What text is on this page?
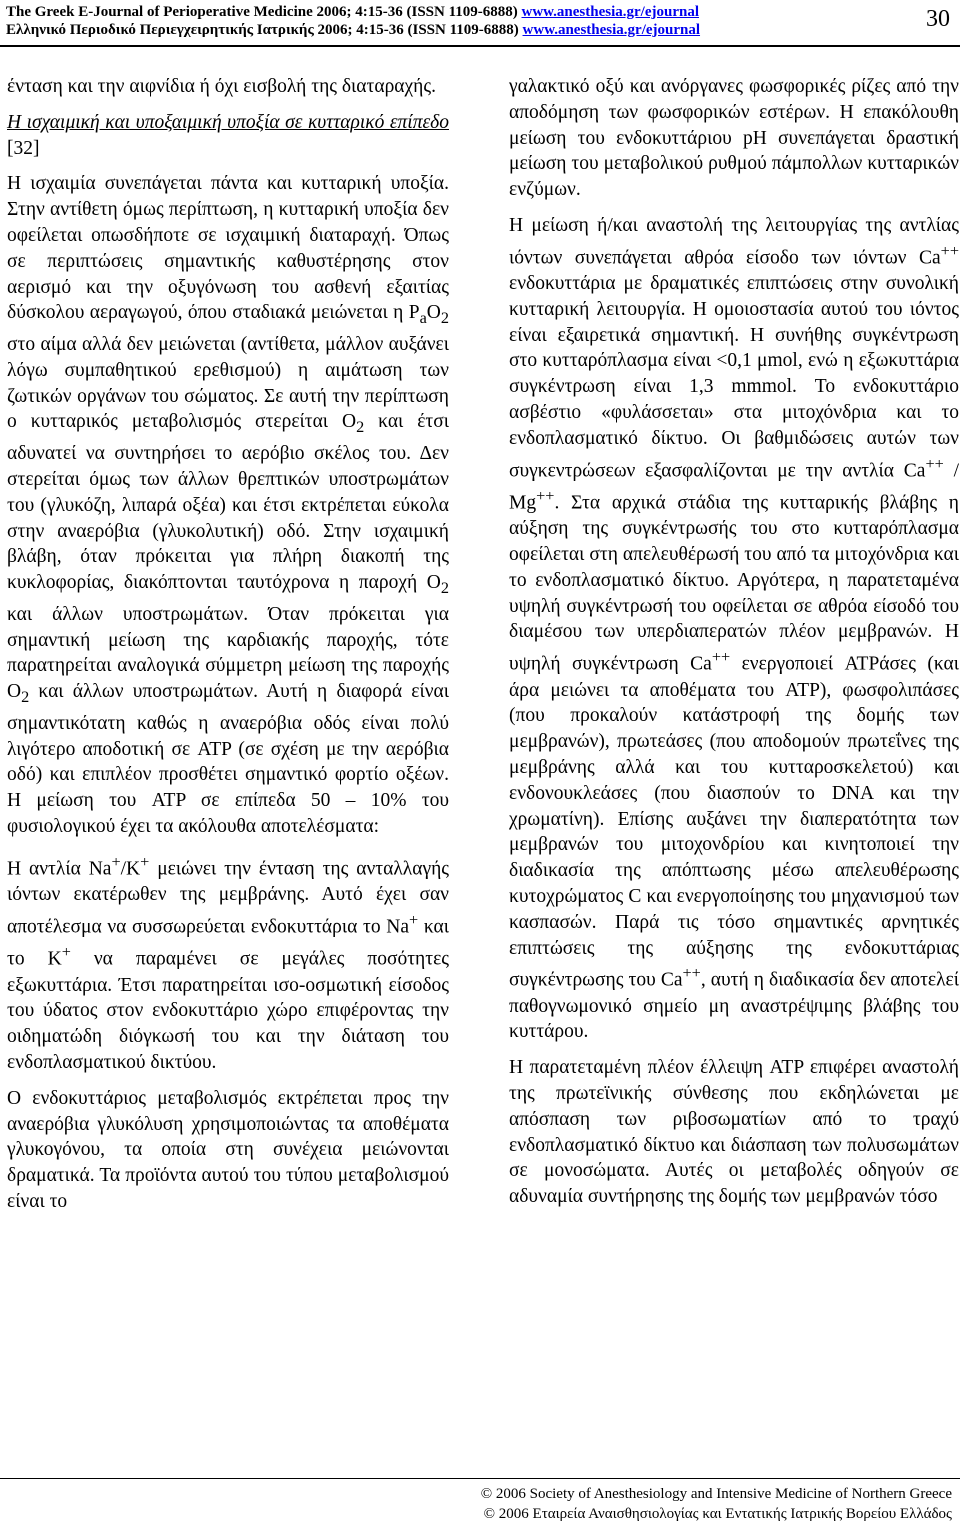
The Greek E-Journal of Perioperative Medicine 2006; 4:15-36 (ISSN 1109-6888) www.anesthesia.gr/ejournal
Ελληνικό Περιοδικό Περιεγχειρητικής Ιατρικής 2006; 4:15-36 (ISSN 1109-6888) www.anesthesia.gr/ejournal	30

ένταση και την αιφνίδια ή όχι εισβολή της διαταραχής.

Η ισχαιμική και υποξαιμική υποξία σε κυτταρικό επίπεδο [32]

Η ισχαιμία συνεπάγεται πάντα και κυτταρική υποξία. Στην αντίθετη όμως περίπτωση, η κυτταρική υποξία δεν οφείλεται οπωσδήποτε σε ισχαιμική διαταραχή. Όπως σε περιπτώσεις σημαντικής καθυστέρησης στον αερισμό και την οξυγόνωση του ασθενή εξαιτίας δύσκολου αεραγωγού, όπου σταδιακά μειώνεται η $P_aO_2$ στο αίμα αλλά δεν μειώνεται (αντίθετα, μάλλον αυξάνει λόγω συμπαθητικού ερεθισμού) η αιμάτωση των ζωτικών οργάνων του σώματος. Σε αυτή την περίπτωση ο κυτταρικός μεταβολισμός στερείται $O_2$ και έτσι αδυνατεί να συντηρήσει το αερόβιο σκέλος του. Δεν στερείται όμως των άλλων θρεπτικών υποστρωμάτων του (γλυκόζη, λιπαρά οξέα) και έτσι εκτρέπεται εύκολα στην αναερόβια (γλυκολυτική) οδό. Στην ισχαιμική βλάβη, όταν πρόκειται για πλήρη διακοπή της κυκλοφορίας, διακόπτονται ταυτόχρονα η παροχή $O_2$ και άλλων υποστρωμάτων. Όταν πρόκειται για σημαντική μείωση της καρδιακής παροχής, τότε παρατηρείται αναλογικά σύμμετρη μείωση της παροχής $O_2$ και άλλων υποστρωμάτων. Αυτή η διαφορά είναι σημαντικότατη καθώς η αναερόβια οδός είναι πολύ λιγότερο αποδοτική σε ATP (σε σχέση με την αερόβια οδό) και επιπλέον προσθέτει σημαντικό φορτίο οξέων. Η μείωση του ATP σε επίπεδα 50 – 10% του φυσιολογικού έχει τα ακόλουθα αποτελέσματα:

Η αντλία Na+/K+ μειώνει την ένταση της ανταλλαγής ιόντων εκατέρωθεν της μεμβράνης. Αυτό έχει σαν αποτέλεσμα να συσσωρεύεται ενδοκυττάρια το Na+ και το K+ να παραμένει σε μεγάλες ποσότητες εξωκυττάρια. Έτσι παρατηρείται ισο-οσμωτική είσοδος του ύδατος στον ενδοκυττάριο χώρο επιφέροντας την οιδηματώδη διόγκωσή του και την διάταση του ενδοπλασματικού δικτύου.

Ο ενδοκυττάριος μεταβολισμός εκτρέπεται προς την αναερόβια γλυκόλυση χρησιμοποιώντας τα αποθέματα γλυκογόνου, τα οποία στη συνέχεια μειώνονται δραματικά. Τα προϊόντα αυτού του τύπου μεταβολισμού είναι το

γαλακτικό οξύ και ανόργανες φωσφορικές ρίζες από την αποδόμηση των φωσφορικών εστέρων. Η επακόλουθη μείωση του ενδοκυττάριου pH συνεπάγεται δραστική μείωση του μεταβολικού ρυθμού πάμπολλων κυτταρικών ενζύμων.

Η μείωση ή/και αναστολή της λειτουργίας της αντλίας ιόντων συνεπάγεται αθρόα είσοδο των ιόντων Ca++ ενδοκυττάρια με δραματικές επιπτώσεις στην συνολική κυτταρική λειτουργία. Η ομοιοστασία αυτού του ιόντος είναι εξαιρετικά σημαντική. Η συνήθης συγκέντρωση στο κυτταρόπλασμα είναι <0,1 μmol, ενώ η εξωκυττάρια συγκέντρωση είναι 1,3 mmmol. Το ενδοκυττάριο ασβέστιο «φυλάσσεται» στα μιτοχόνδρια και το ενδοπλασματικό δίκτυο. Οι βαθμιδώσεις αυτών των συγκεντρώσεων εξασφαλίζονται με την αντλία Ca++ / Mg++. Στα αρχικά στάδια της κυτταρικής βλάβης η αύξηση της συγκέντρωσής του στο κυτταρόπλασμα οφείλεται στη απελευθέρωσή του από τα μιτοχόνδρια και το ενδοπλασματικό δίκτυο. Αργότερα, η παρατεταμένα υψηλή συγκέντρωσή του οφείλεται σε αθρόα είσοδό του διαμέσου των υπερδιαπερατών πλέον μεμβρανών. Η υψηλή συγκέντρωση Ca++ ενεργοποιεί ATPάσες (και άρα μειώνει τα αποθέματα του ATP), φωσφολιπάσες (που προκαλούν κατάστροφή της δομής των μεμβρανών), πρωτεάσες (που αποδομούν πρωτεΐνες της μεμβράνης αλλά και του κυτταροσκελετού) και ενδονουκλεάσες (που διασπούν το DNA και την χρωματίνη). Επίσης αυξάνει την διαπερατότητα των μεμβρανών του μιτοχονδρίου και κινητοποιεί την διαδικασία της απόπτωσης μέσω απελευθέρωσης κυτοχρώματος C και ενεργοποίησης του μηχανισμού των κασπασών. Παρά τις τόσο σημαντικές αρνητικές επιπτώσεις της αύξησης της ενδοκυττάριας συγκέντρωσης του Ca++, αυτή η διαδικασία δεν αποτελεί παθογνωμονικό σημείο μη αναστρέψιμης βλάβης του κυττάρου.

Η παρατεταμένη πλέον έλλειψη ATP επιφέρει αναστολή της πρωτεϊνικής σύνθεσης που εκδηλώνεται με απόσπαση των ριβοσωματίων από το τραχύ ενδοπλασματικό δίκτυο και διάσπαση των πολυσωμάτων σε μονοσώματα. Αυτές οι μεταβολές οδηγούν σε αδυναμία συντήρησης της δομής των μεμβρανών τόσο

© 2006 Society of Anesthesiology and Intensive Medicine of Northern Greece
© 2006 Εταιρεία Αναισθησιολογίας και Εντατικής Ιατρικής Βορείου Ελλάδος
